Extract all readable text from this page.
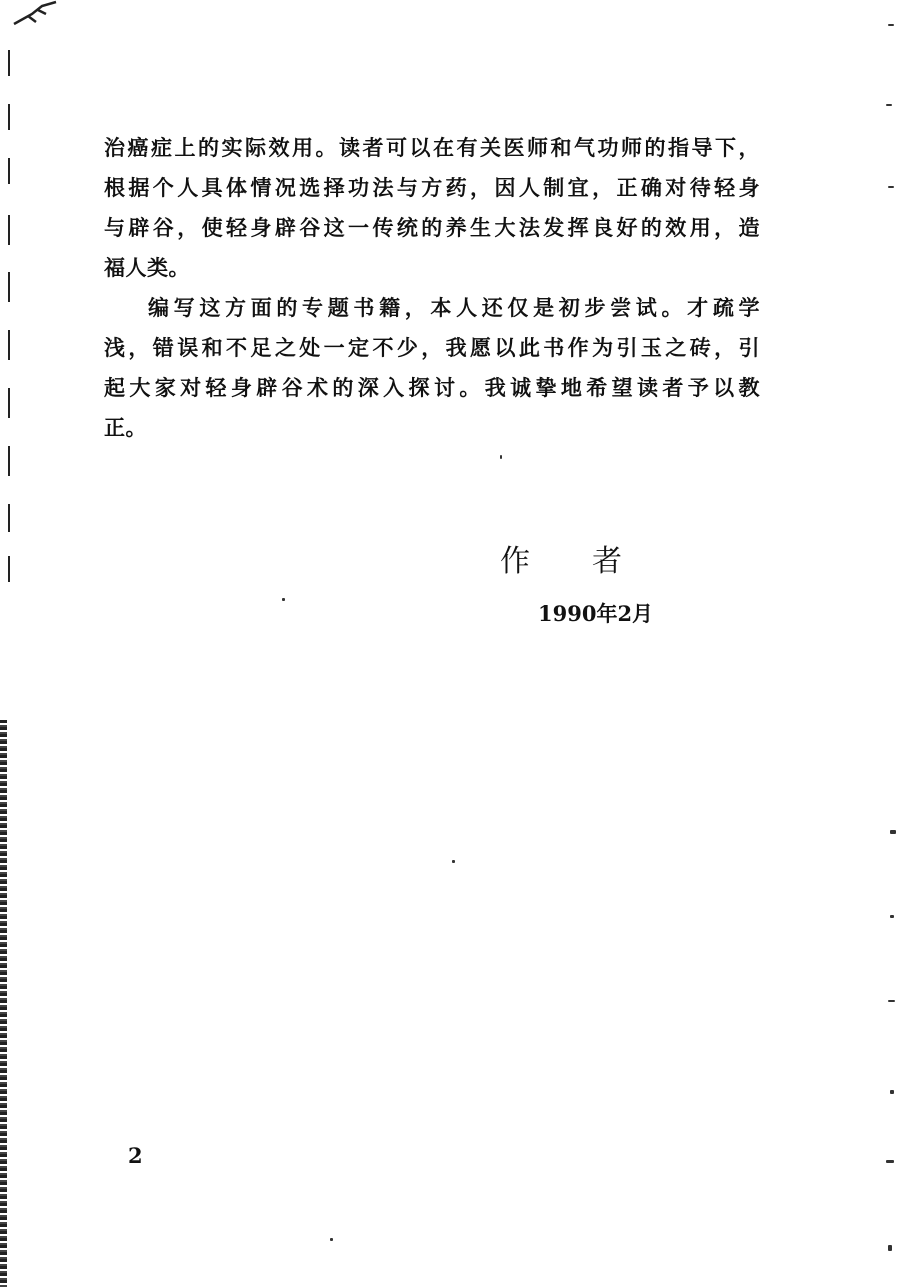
治癌症上的实际效用。读者可以在有关医师和气功师的指导下，
根据个人具体情况选择功法与方药，因人制宜，正确对待轻身
与辟谷，使轻身辟谷这一传统的养生大法发挥良好的效用，造
福人类。
编写这方面的专题书籍，本人还仅是初步尝试。才疏学
浅，错误和不足之处一定不少，我愿以此书作为引玉之砖，引
起大家对轻身辟谷术的深入探讨。我诚挚地希望读者予以教
正。
作者
1990年2月
2
